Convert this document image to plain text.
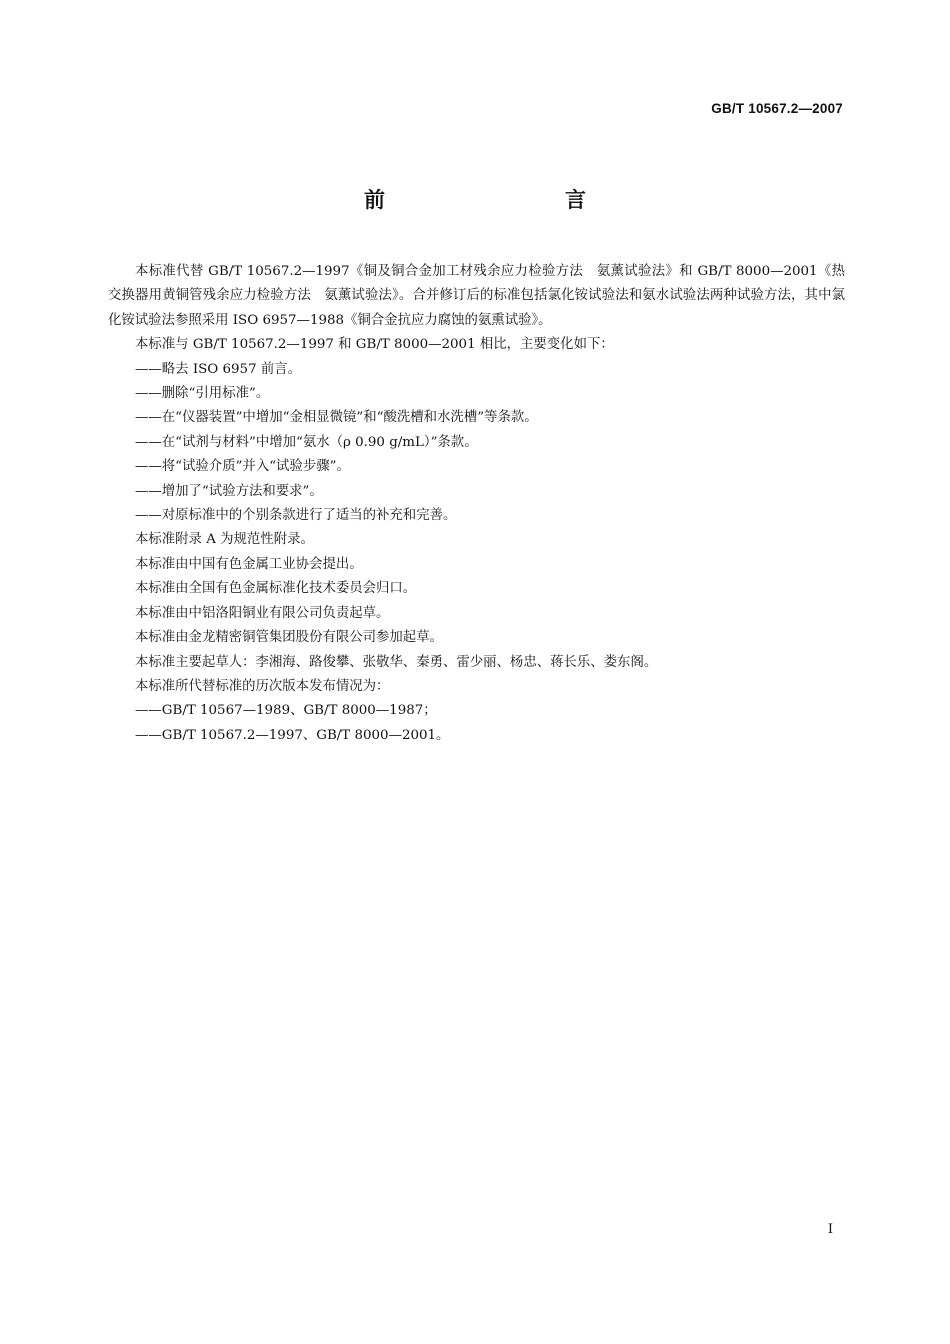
GB/T 10567.2—2007
前　　言

本标准代替 GB/T 10567.2—1997《铜及铜合金加工材残余应力检验方法　氨薰试验法》和 GB/T 8000—2001《热交换器用黄铜管残余应力检验方法　氨薰试验法》。合并修订后的标准包括氯化铵试验法和氨水试验法两种试验方法，其中氯化铵试验法参照采用 ISO 6957—1988《铜合金抗应力腐蚀的氨熏试验》。

本标准与 GB/T 10567.2—1997 和 GB/T 8000—2001 相比，主要变化如下：

——略去 ISO 6957 前言。

——删除“引用标准”。

——在“仪器装置”中增加“金相显微镜”和“酸洗槽和水洗槽”等条款。

——在“试剂与材料”中增加“氨水（ρ 0.90 g/mL）”条款。

——将“试验介质”并入“试验步骤”。

——增加了“试验方法和要求”。

——对原标准中的个别条款进行了适当的补充和完善。

本标准附录 A 为规范性附录。

本标准由中国有色金属工业协会提出。

本标准由全国有色金属标准化技术委员会归口。

本标准由中铝洛阳铜业有限公司负责起草。

本标准由金龙精密铜管集团股份有限公司参加起草。

本标准主要起草人：李湘海、路俊攀、张敬华、秦勇、雷少丽、杨忠、蒋长乐、娄东阁。

本标准所代替标准的历次版本发布情况为：

——GB/T 10567—1989、GB/T 8000—1987；

——GB/T 10567.2—1997、GB/T 8000—2001。

I
